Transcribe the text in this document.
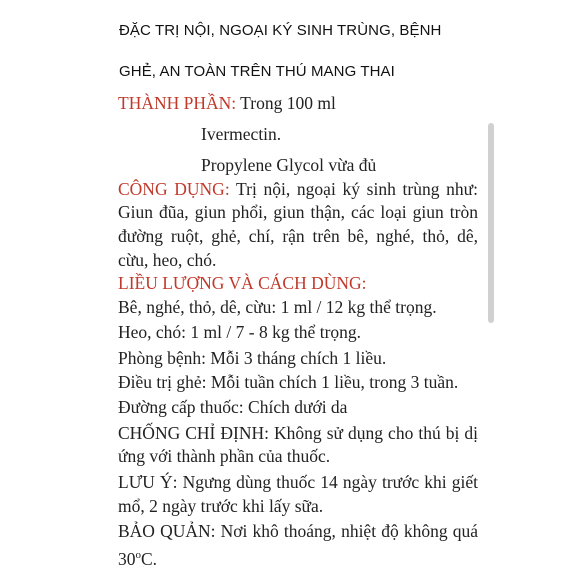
ĐẶC TRỊ NỘI, NGOẠI KÝ SINH TRÙNG, BỆNH
GHẺ, AN TOÀN TRÊN THÚ MANG THAI

THÀNH PHẦN: Trong 100 ml

Ivermectin.

Propylene Glycol vừa đủ

CÔNG DỤNG: Trị nội, ngoại ký sinh trùng như: Giun đũa, giun phổi, giun thận, các loại giun tròn đường ruột, ghẻ, chí, rận trên bê, nghé, thỏ, dê, cừu, heo, chó.

LIỀU LƯỢNG VÀ CÁCH DÙNG:

Bê, nghé, thỏ, dê, cừu: 1 ml / 12 kg thể trọng.

Heo, chó: 1 ml / 7 - 8 kg thể trọng.

Phòng bệnh: Mỗi 3 tháng chích 1 liều.

Điều trị ghẻ: Mỗi tuần chích 1 liều, trong 3 tuần.

Đường cấp thuốc: Chích dưới da

CHỐNG CHỈ ĐỊNH: Không sử dụng cho thú bị dị ứng với thành phần của thuốc.

LƯU Ý: Ngưng dùng thuốc 14 ngày trước khi giết mổ, 2 ngày trước khi lấy sữa.

BẢO QUẢN: Nơi khô thoáng, nhiệt độ không quá 30$^o$C.
